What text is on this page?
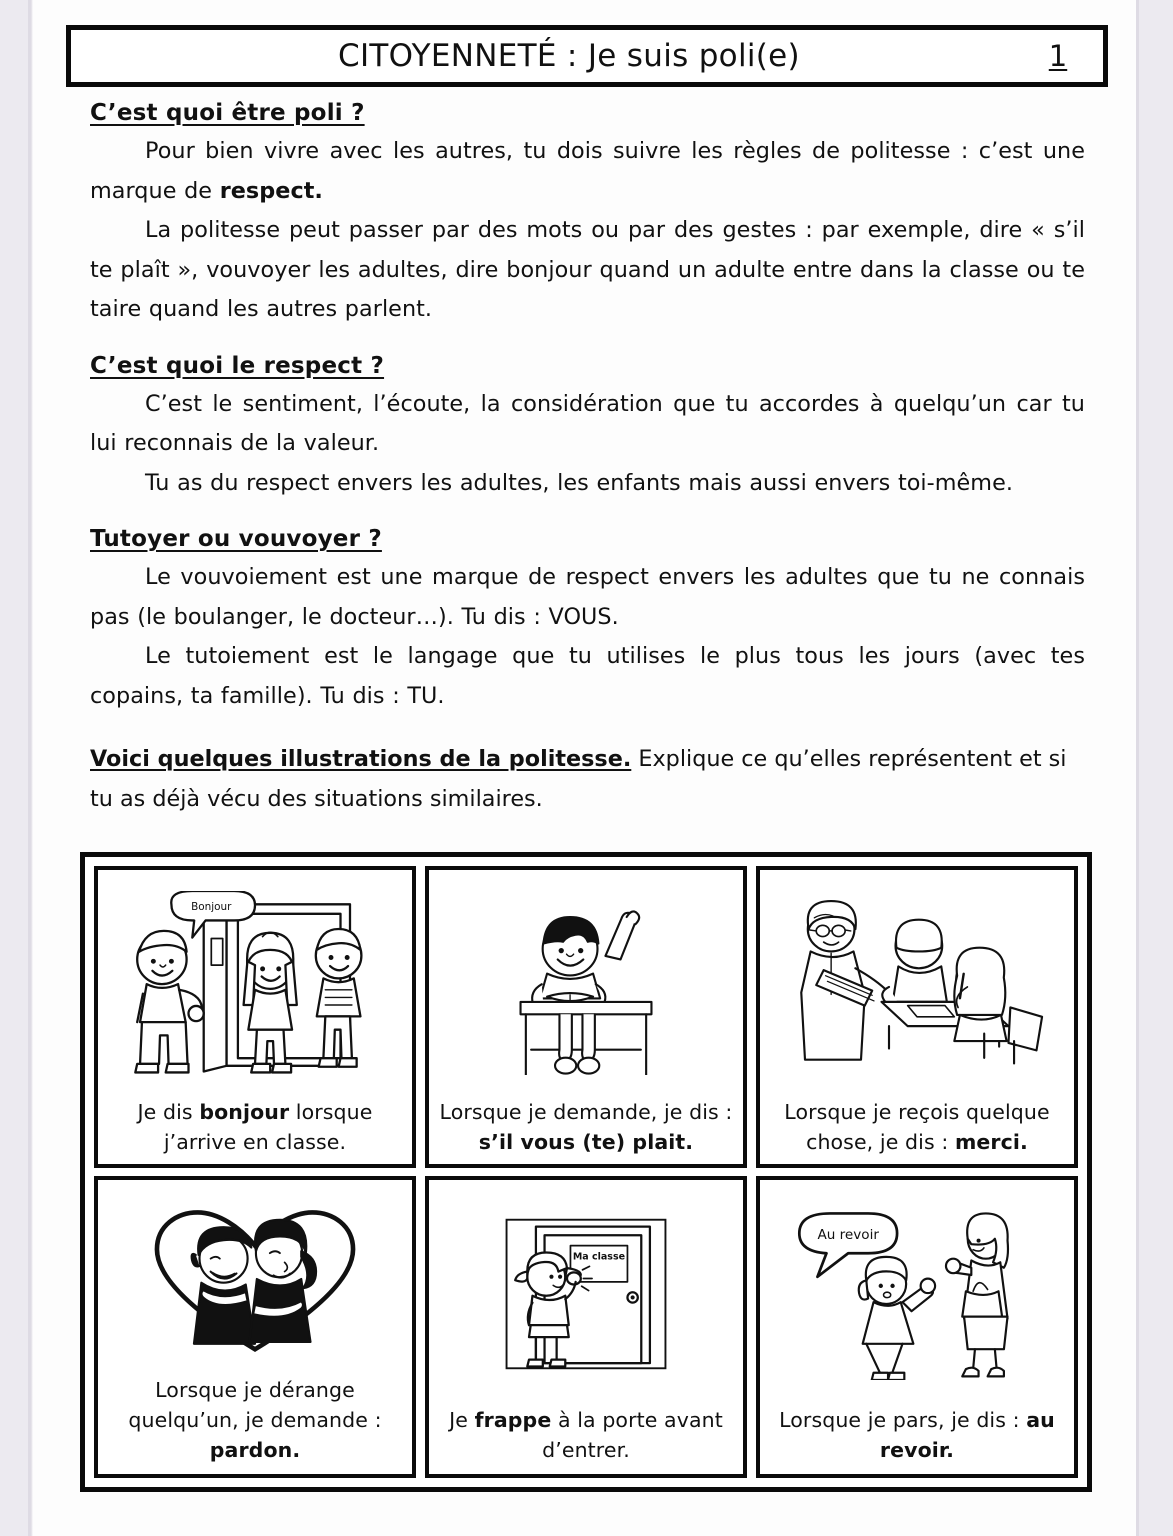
CITOYENNETÉ : Je suis poli(e)	1
C’est quoi être poli ?

Pour bien vivre avec les autres, tu dois suivre les règles de politesse : c’est une marque de respect.

La politesse peut passer par des mots ou par des gestes : par exemple, dire « s’il te plaît », vouvoyer les adultes, dire bonjour quand un adulte entre dans la classe ou te taire quand les autres parlent.

C’est quoi le respect ?

C’est le sentiment, l’écoute, la considération que tu accordes à quelqu’un car tu lui reconnais de la valeur.

Tu as du respect envers les adultes, les enfants mais aussi envers toi-même.

Tutoyer ou vouvoyer ?

Le vouvoiement est une marque de respect envers les adultes que tu ne connais pas (le boulanger, le docteur…). Tu dis : VOUS.

Le tutoiement est le langage que tu utilises le plus tous les jours (avec tes copains, ta famille). Tu dis : TU.

Voici quelques illustrations de la politesse. Explique ce qu’elles représentent et si tu as déjà vécu des situations similaires.

Bonjour
Je dis bonjour lorsque j’arrive en classe.
Lorsque je demande, je dis : s’il vous (te) plait.
Lorsque je reçois quelque chose, je dis : merci.
Lorsque je dérange quelqu’un, je demande : pardon.
Ma classe
Je frappe à la porte avant d’entrer.
Au revoir
Lorsque je pars, je dis : au revoir.
